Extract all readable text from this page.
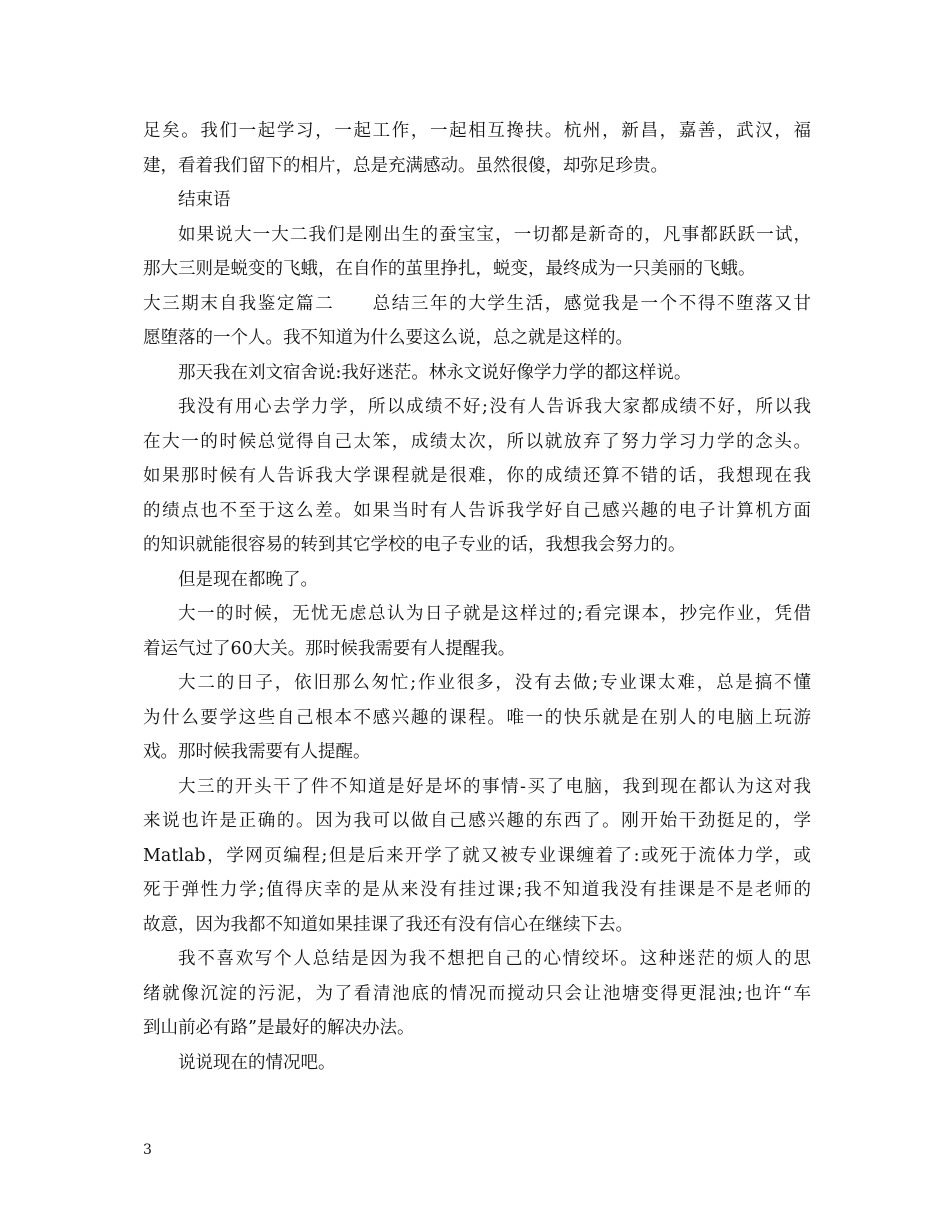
足矣。我们一起学习，一起工作，一起相互搀扶。杭州，新昌，嘉善，武汉，福
建，看着我们留下的相片，总是充满感动。虽然很傻，却弥足珍贵。
结束语
如果说大一大二我们是刚出生的蚕宝宝，一切都是新奇的，凡事都跃跃一试，
那大三则是蜕变的飞蛾，在自作的茧里挣扎，蜕变，最终成为一只美丽的飞蛾。
大三期末自我鉴定篇二　　总结三年的大学生活，感觉我是一个不得不堕落又甘
愿堕落的一个人。我不知道为什么要这么说，总之就是这样的。
那天我在刘文宿舍说:我好迷茫。林永文说好像学力学的都这样说。
我没有用心去学力学，所以成绩不好;没有人告诉我大家都成绩不好，所以我
在大一的时候总觉得自己太笨，成绩太次，所以就放弃了努力学习力学的念头。
如果那时候有人告诉我大学课程就是很难，你的成绩还算不错的话，我想现在我
的绩点也不至于这么差。如果当时有人告诉我学好自己感兴趣的电子计算机方面
的知识就能很容易的转到其它学校的电子专业的话，我想我会努力的。
但是现在都晚了。
大一的时候，无忧无虑总认为日子就是这样过的;看完课本，抄完作业，凭借
着运气过了60大关。那时候我需要有人提醒我。
大二的日子，依旧那么匆忙;作业很多，没有去做;专业课太难，总是搞不懂
为什么要学这些自己根本不感兴趣的课程。唯一的快乐就是在别人的电脑上玩游
戏。那时候我需要有人提醒。
大三的开头干了件不知道是好是坏的事情-买了电脑，我到现在都认为这对我
来说也许是正确的。因为我可以做自己感兴趣的东西了。刚开始干劲挺足的，学
Matlab，学网页编程;但是后来开学了就又被专业课缠着了:或死于流体力学，或
死于弹性力学;值得庆幸的是从来没有挂过课;我不知道我没有挂课是不是老师的
故意，因为我都不知道如果挂课了我还有没有信心在继续下去。
我不喜欢写个人总结是因为我不想把自己的心情绞坏。这种迷茫的烦人的思
绪就像沉淀的污泥，为了看清池底的情况而搅动只会让池塘变得更混浊;也许“车
到山前必有路”是最好的解决办法。
说说现在的情况吧。
3
